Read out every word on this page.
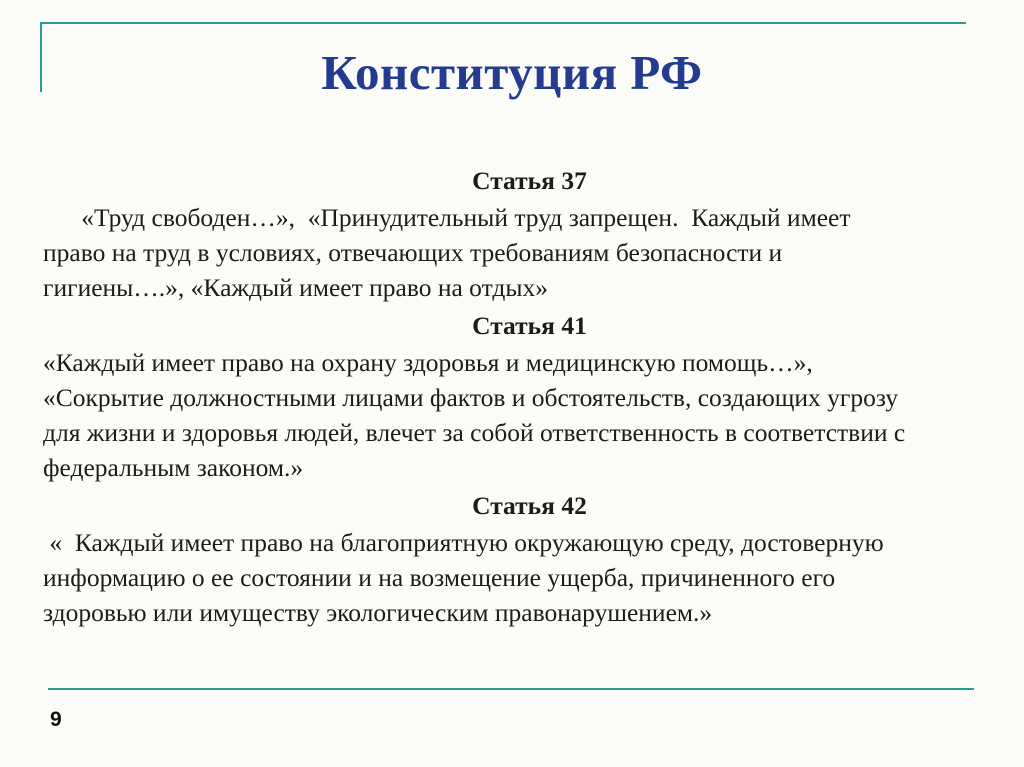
Конституция РФ

Статья 37

«Труд свободен…»,  «Принудительный труд запрещен.  Каждый имеет
право на труд в условиях, отвечающих требованиям безопасности и
гигиены….», «Каждый имеет право на отдых»

Статья 41

«Каждый имеет право на охрану здоровья и медицинскую помощь…»,
«Сокрытие должностными лицами фактов и обстоятельств, создающих угрозу
для жизни и здоровья людей, влечет за собой ответственность в соответствии с
федеральным законом.»

Статья 42

«  Каждый имеет право на благоприятную окружающую среду, достоверную
информацию о ее состоянии и на возмещение ущерба, причиненного его
здоровью или имуществу экологическим правонарушением.»

9
